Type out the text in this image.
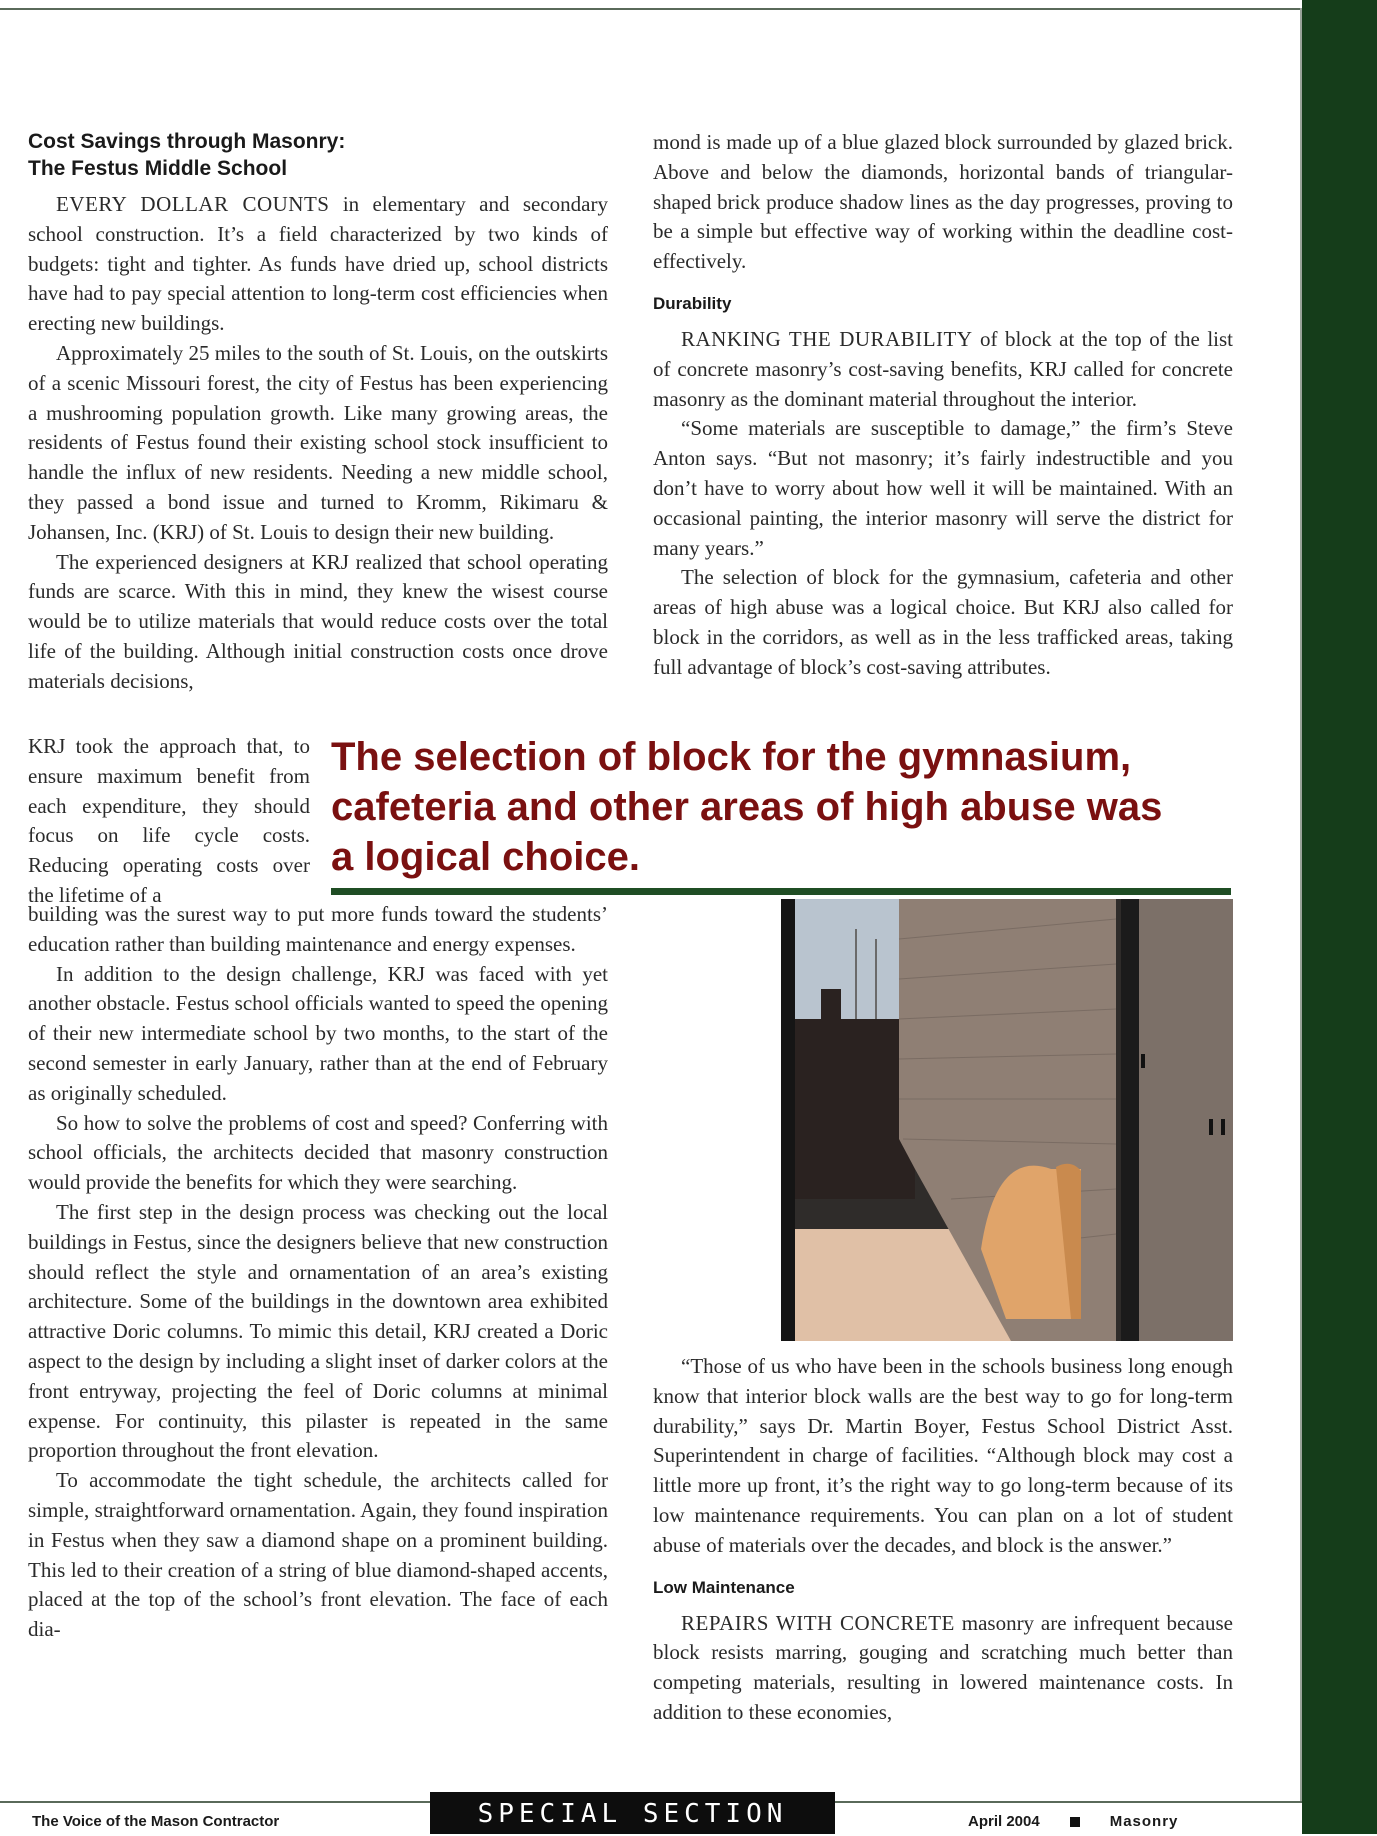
Cost Savings through Masonry:
The Festus Middle School

EVERY DOLLAR COUNTS in elementary and secondary school construction. It’s a field characterized by two kinds of budgets: tight and tighter. As funds have dried up, school districts have had to pay special attention to long-term cost efficiencies when erecting new buildings.

Approximately 25 miles to the south of St. Louis, on the outskirts of a scenic Missouri forest, the city of Festus has been experiencing a mushrooming population growth. Like many growing areas, the residents of Festus found their existing school stock insufficient to handle the influx of new residents. Needing a new middle school, they passed a bond issue and turned to Kromm, Rikimaru & Johansen, Inc. (KRJ) of St. Louis to design their new building.

The experienced designers at KRJ realized that school operating funds are scarce. With this in mind, they knew the wisest course would be to utilize materials that would reduce costs over the total life of the building. Although initial construction costs once drove materials decisions,

mond is made up of a blue glazed block surrounded by glazed brick. Above and below the diamonds, horizontal bands of triangular-shaped brick produce shadow lines as the day progresses, proving to be a simple but effective way of working within the deadline cost-effectively.

Durability

RANKING THE DURABILITY of block at the top of the list of concrete masonry’s cost-saving benefits, KRJ called for concrete masonry as the dominant material throughout the interior.

“Some materials are susceptible to damage,” the firm’s Steve Anton says. “But not masonry; it’s fairly indestructible and you don’t have to worry about how well it will be maintained. With an occasional painting, the interior masonry will serve the district for many years.”

The selection of block for the gymnasium, cafeteria and other areas of high abuse was a logical choice. But KRJ also called for block in the corridors, as well as in the less trafficked areas, taking full advantage of block’s cost-saving attributes.

KRJ took the approach that, to ensure maximum benefit from each expenditure, they should focus on life cycle costs. Reducing operating costs over the lifetime of a

The selection of block for the gymnasium,
cafeteria and other areas of high abuse was
a logical choice.

building was the surest way to put more funds toward the students’ education rather than building maintenance and energy expenses.

In addition to the design challenge, KRJ was faced with yet another obstacle. Festus school officials wanted to speed the opening of their new intermediate school by two months, to the start of the second semester in early January, rather than at the end of February as originally scheduled.

So how to solve the problems of cost and speed? Conferring with school officials, the architects decided that masonry construction would provide the benefits for which they were searching.

The first step in the design process was checking out the local buildings in Festus, since the designers believe that new construction should reflect the style and ornamentation of an area’s existing architecture. Some of the buildings in the downtown area exhibited attractive Doric columns. To mimic this detail, KRJ created a Doric aspect to the design by including a slight inset of darker colors at the front entryway, projecting the feel of Doric columns at minimal expense. For continuity, this pilaster is repeated in the same proportion throughout the front elevation.

To accommodate the tight schedule, the architects called for simple, straightforward ornamentation. Again, they found inspiration in Festus when they saw a diamond shape on a prominent building. This led to their creation of a string of blue diamond-shaped accents, placed at the top of the school’s front elevation. The face of each dia-

“Those of us who have been in the schools business long enough know that interior block walls are the best way to go for long-term durability,” says Dr. Martin Boyer, Festus School District Asst. Superintendent in charge of facilities. “Although block may cost a little more up front, it’s the right way to go long-term because of its low maintenance requirements. You can plan on a lot of student abuse of materials over the decades, and block is the answer.”

Low Maintenance

REPAIRS WITH CONCRETE masonry are infrequent because block resists marring, gouging and scratching much better than competing materials, resulting in lowered maintenance costs. In addition to these economies,

The Voice of the Mason Contractor	SPECIAL SECTION	April 2004	Masonry	27
